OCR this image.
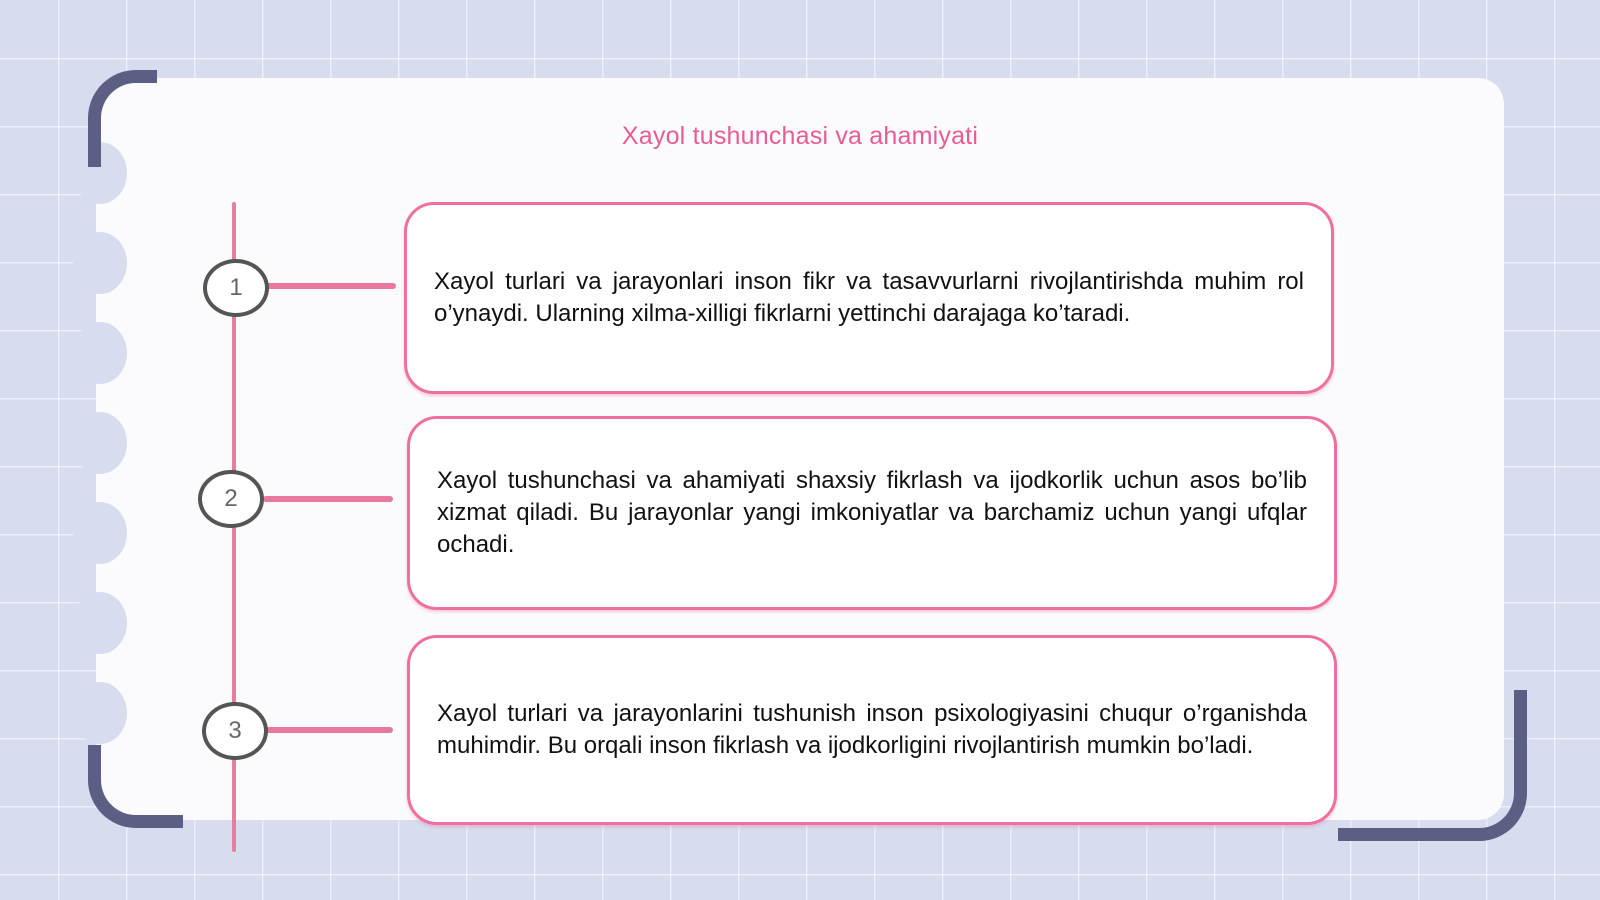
Xayol tushunchasi va ahamiyati
1	Xayol turlari va jarayonlari inson fikr va tasavvurlarni rivojlantirishda muhim rol o’ynaydi. Ularning xilma-xilligi fikrlarni yettinchi darajaga ko’taradi.

2

Xayol tushunchasi va ahamiyati shaxsiy fikrlash va ijodkorlik uchun asos bo’lib xizmat qiladi. Bu jarayonlar yangi imkoniyatlar va barchamiz uchun yangi ufqlar ochadi.

3

Xayol turlari va jarayonlarini tushunish inson psixologiyasini chuqur o’rganishda muhimdir. Bu orqali inson fikrlash va ijodkorligini rivojlantirish mumkin bo’ladi.
